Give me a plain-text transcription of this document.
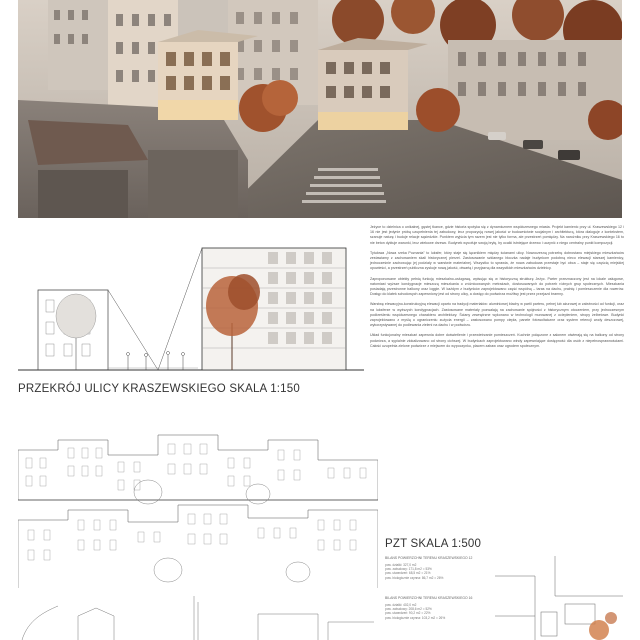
PRZEKRÓJ ULICY KRASZEWSKIEGO SKALA 1:150

Jeżyce to dzielnica o unikalnej, gęstej tkance, gdzie historia spotyka się z dynamicznem współczesnego miasta. Projekt kamienic przy ul. Kraszewskiego 12 i 16 nie jest jedynie próbą uzupełnienia tej zabudowy, lecz propozycją nowej jakości w budownictwie socjalnym i architekturą, która dialoguje z kontekstem, szanuje naturę i buduje relacje sąsiedzkie. Punktem wyjścia tym razem jest nie tylko forma, ale przestrzeń pomiędzy. Na narożniku przy Kraszewskiego 16 to nie beton dyktuje warunki, lecz wiekowe drzewo. Budynek wycofuje swoją bryłę, by ocalić istniejące drzewo i uczynić z niego centralny punkt kompozycji.

Tytułowa „Nowa rzeka Poznania” to luksfer, który staje się łącznikiem między ścianami ulicy. Nowoczesną potrzebę dobrostanu miejskiego mieszkańców zestawiamy z zachowaniem skali historycznej pierzei. Zastosowanie szklanego bloczka nadaje budynkom podobną nieco elewacji starszej kamienicy, jednocześnie zachowując jej podziały w warstwie materialnej. Wszystko to sprawia, że nowa zabudowa przestaje być obca – staje się częścią miejskiej opowieści, a przestrzeń publiczna zyskuje nową jakość, otwartą i przyjazną dla wszystkich mieszkańców dzielnicy.

Zaproponowane obiekty pełnią funkcję mieszkalno-usługową, wpisując się w historyczną strukturę Jeżyc. Parter przeznaczony jest na lokale usługowe, natomiast wyższe kondygnacje mieszczą mieszkania o zróżnicowanych metrażach, dostosowanych do potrzeb różnych grup społecznych. Mieszkania posiadają przestronne balkony oraz loggie. W każdym z budynków zaprojektowano część wspólną – taras na dachu, pralnię i pomieszczenie dla rowerów. Dostęp do klatek schodowych zapewniony jest od strony ulicy, a dostęp do podwórza możliwy jest przez przejazd bramny.

Warstwę elewacyjno-konstrukcyjną elewacji oparto na tradycji materiałów: aluminiowej blachy w partii parteru, pełnej lub ażurowej w zależności od funkcji, oraz na luksferze w wyższych kondygnacjach. Zastosowane materiały pozwalają na zachowanie spójności z historycznym otoczeniem, przy jednoczesnym podkreśleniu współczesnego charakteru architektury. Ściany zewnętrzne wykonano w technologii murowanej z ociepleniem, stropy żelbetowe. Budynki zaprojektowano z myślą o ograniczeniu zużycia energii – zastosowano pompy ciepła, panele fotowoltaiczne oraz system retencji wody deszczowej, wykorzystywanej do podlewania zieleni na dachu i w podwórzu.

Układ funkcjonalny mieszkań zapewnia dobre doświetlenie i przewietrzanie pomieszczeń. Kuchnie połączone z salonem otwierają się na balkony od strony podwórza, a sypialnie zlokalizowano od strony cichszej. W budynkach zaprojektowano windy zapewniające dostępność dla osób z niepełnosprawnościami. Całość uzupełnia zielone podwórze z miejscem do wypoczynku, placem zabaw oraz ogrodem społecznym.

PZT SKALA 1:500
BILANS POWIERZCHNI TERENU KRASZEWSKIEGO 12
pow. działki: 327,0 m2
pow. zabudowy: 171,8 m2 = 53%
pow. utwardzeń: 68,5 m2 = 21%
pow. biologicznie czynna: 86,7 m2 = 26%
BILANS POWIERZCHNI TERENU KRASZEWSKIEGO 16
pow. działki: 402,0 m2
pow. zabudowy: 208,6 m2 = 52%
pow. utwardzeń: 90,2 m2 = 22%
pow. biologicznie czynna: 103,2 m2 = 26%
